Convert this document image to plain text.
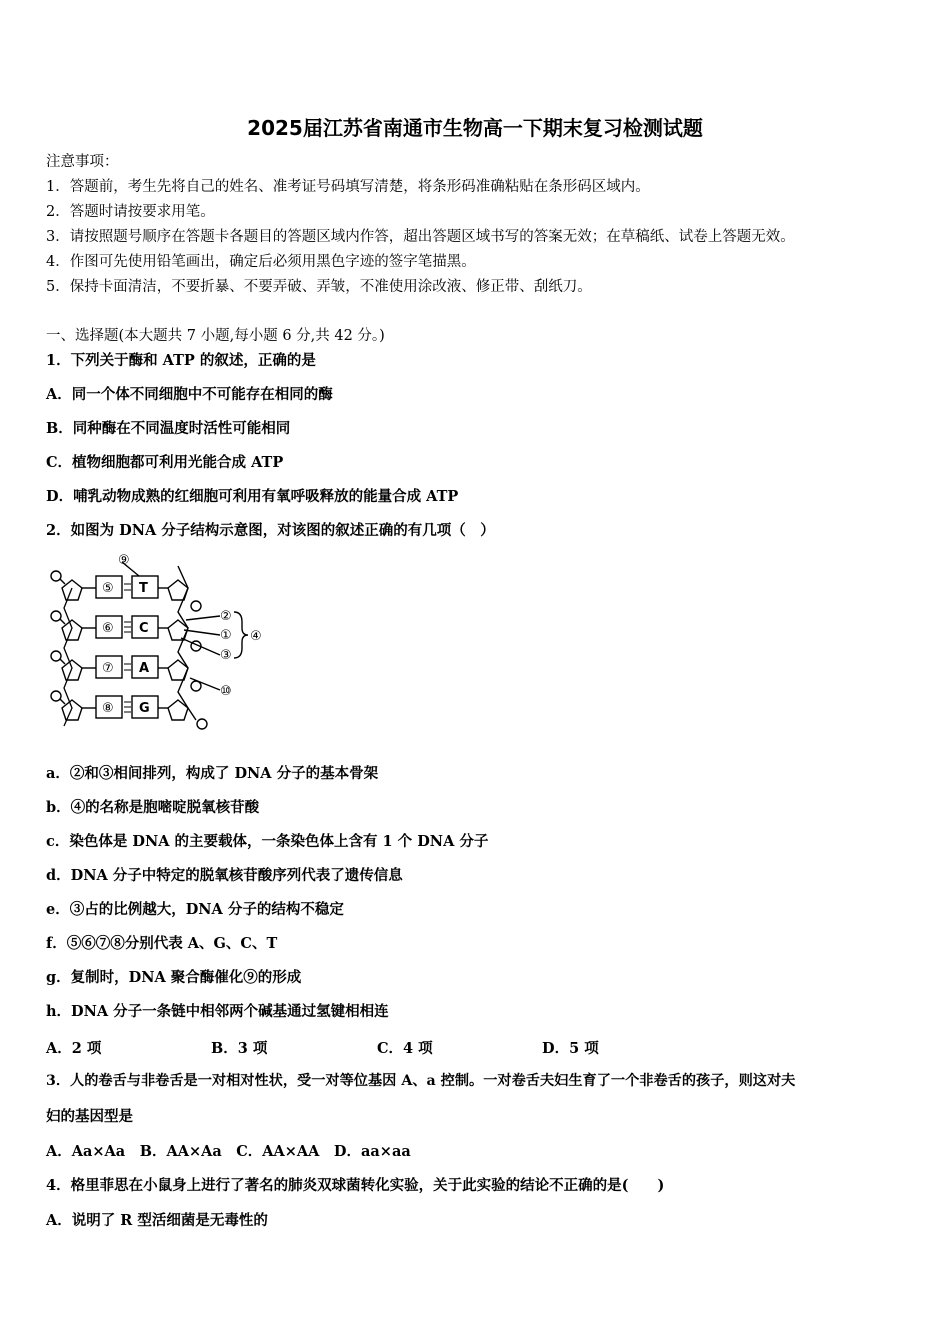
2025届江苏省南通市生物高一下期末复习检测试题
注意事项：
1．答题前，考生先将自己的姓名、准考证号码填写清楚，将条形码准确粘贴在条形码区域内。
2．答题时请按要求用笔。
3．请按照题号顺序在答题卡各题目的答题区域内作答，超出答题区域书写的答案无效；在草稿纸、试卷上答题无效。
4．作图可先使用铅笔画出，确定后必须用黑色字迹的签字笔描黑。
5．保持卡面清洁，不要折暴、不要弄破、弄皱，不准使用涂改液、修正带、刮纸刀。
一、选择题(本大题共 7 小题,每小题 6 分,共 42 分。)
1．下列关于酶和 ATP 的叙述，正确的是
A．同一个体不同细胞中不可能存在相同的酶
B．同种酶在不同温度时活性可能相同
C．植物细胞都可利用光能合成 ATP
D．哺乳动物成熟的红细胞可利用有氧呼吸释放的能量合成 ATP
2．如图为 DNA 分子结构示意图，对该图的叙述正确的有几项（　）
⑤
⑥
⑦
⑧
T
C
A
G
⑨
②
①
③
④
⑩
a．②和③相间排列，构成了 DNA 分子的基本骨架
b．④的名称是胞嘧啶脱氧核苷酸
c．染色体是 DNA 的主要载体，一条染色体上含有 1 个 DNA 分子
d．DNA 分子中特定的脱氧核苷酸序列代表了遗传信息
e．③占的比例越大，DNA 分子的结构不稳定
f．⑤⑥⑦⑧分别代表 A、G、C、T
g．复制时，DNA 聚合酶催化⑨的形成
h．DNA 分子一条链中相邻两个碱基通过氢键相相连
A．2 项	B．3 项	C．4 项	D．5 项
3．人的卷舌与非卷舌是一对相对性状，受一对等位基因 A、a 控制。一对卷舌夫妇生育了一个非卷舌的孩子，则这对夫
妇的基因型是
A．Aa×Aa　B．AA×Aa　C．AA×AA　D．aa×aa
4．格里菲思在小鼠身上进行了著名的肺炎双球菌转化实验，关于此实验的结论不正确的是(　　)
A．说明了 R 型活细菌是无毒性的
